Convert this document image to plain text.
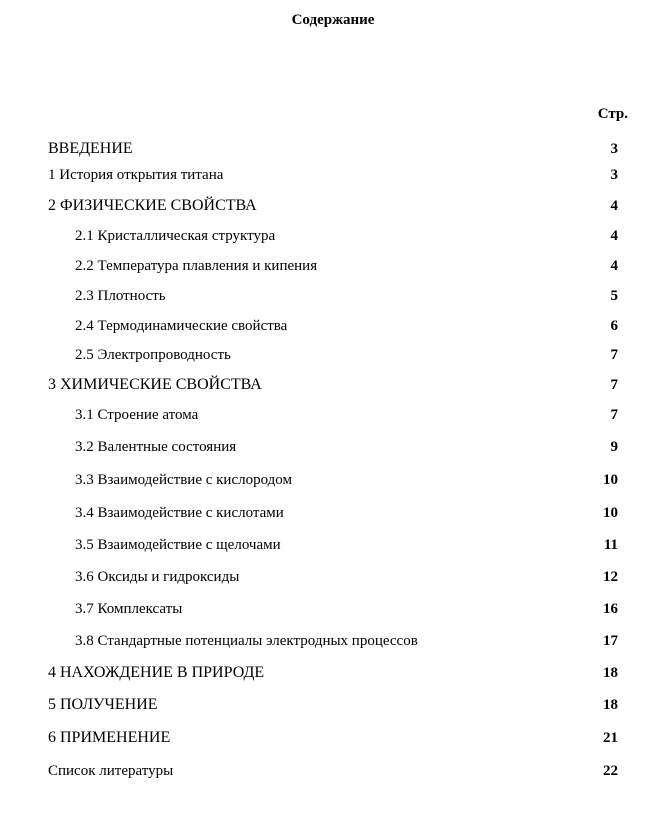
Содержание
Стр.
ВВЕДЕНИЕ	3
1 История открытия титана	3
2 ФИЗИЧЕСКИЕ СВОЙСТВА	4
2.1 Кристаллическая структура	4
2.2 Температура плавления и кипения	4
2.3 Плотность	5
2.4 Термодинамические свойства	6
2.5 Электропроводность	7
3 ХИМИЧЕСКИЕ СВОЙСТВА	7
3.1 Строение атома	7
3.2 Валентные состояния	9
3.3 Взаимодействие с кислородом	10
3.4 Взаимодействие с кислотами	10
3.5 Взаимодействие с щелочами	11
3.6 Оксиды и гидроксиды	12
3.7 Комплексаты	16
3.8 Стандартные потенциалы электродных процессов	17
4 НАХОЖДЕНИЕ В ПРИРОДЕ	18
5 ПОЛУЧЕНИЕ	18
6 ПРИМЕНЕНИЕ	21
Список литературы	22
